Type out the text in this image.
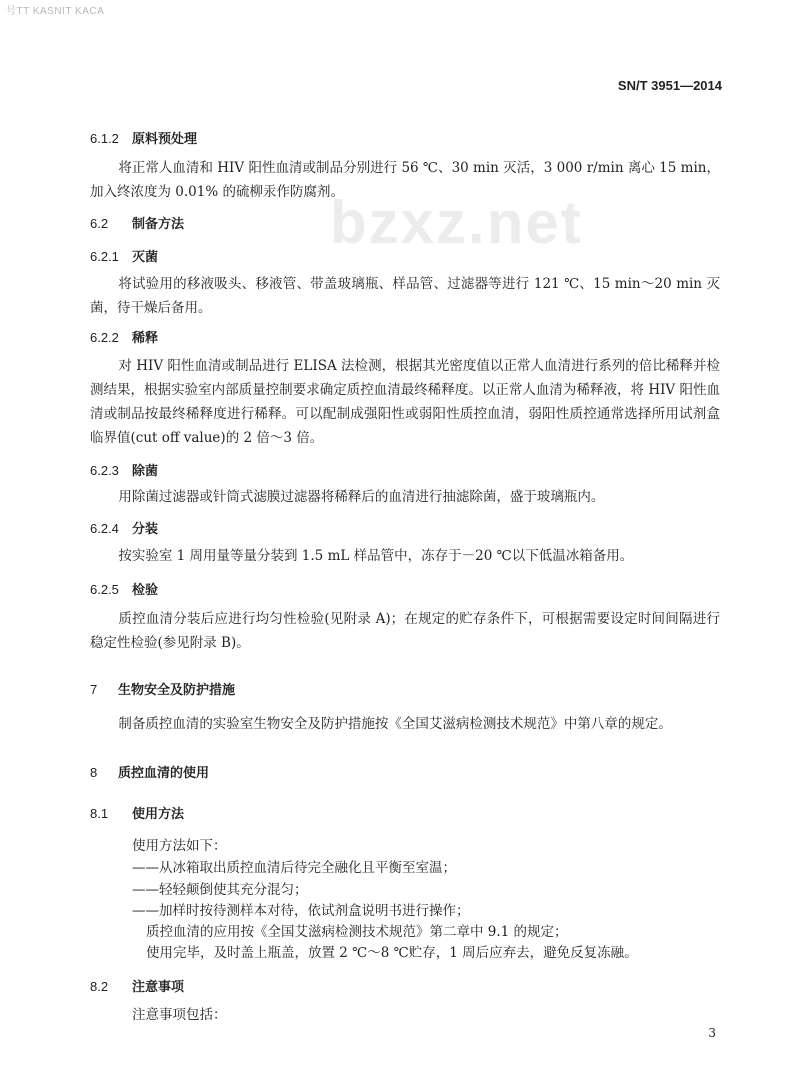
号TT KASNIT KACA
SN/T 3951—2014
bzxz.net
6.1.2 原料预处理

将正常人血清和 HIV 阳性血清或制品分别进行 56 ℃、30 min 灭活，3 000 r/min 离心 15 min，加入终浓度为 0.01% 的硫柳汞作防腐剂。

6.2 制备方法
6.2.1 灭菌

将试验用的移液吸头、移液管、带盖玻璃瓶、样品管、过滤器等进行 121 ℃、15 min～20 min 灭菌，待干燥后备用。

6.2.2 稀释

对 HIV 阳性血清或制品进行 ELISA 法检测，根据其光密度值以正常人血清进行系列的倍比稀释并检测结果，根据实验室内部质量控制要求确定质控血清最终稀释度。以正常人血清为稀释液，将 HIV 阳性血清或制品按最终稀释度进行稀释。可以配制成强阳性或弱阳性质控血清，弱阳性质控通常选择所用试剂盒临界值(cut off value)的 2 倍～3 倍。

6.2.3 除菌

用除菌过滤器或针筒式滤膜过滤器将稀释后的血清进行抽滤除菌，盛于玻璃瓶内。

6.2.4 分装

按实验室 1 周用量等量分装到 1.5 mL 样品管中，冻存于－20 ℃以下低温冰箱备用。

6.2.5 检验

质控血清分装后应进行均匀性检验(见附录 A)；在规定的贮存条件下，可根据需要设定时间间隔进行稳定性检验(参见附录 B)。

7 生物安全及防护措施

制备质控血清的实验室生物安全及防护措施按《全国艾滋病检测技术规范》中第八章的规定。

8 质控血清的使用
8.1 使用方法
使用方法如下：
——从冰箱取出质控血清后待完全融化且平衡至室温；
——轻轻颠倒使其充分混匀；
——加样时按待测样本对待，依试剂盒说明书进行操作；
质控血清的应用按《全国艾滋病检测技术规范》第二章中 9.1 的规定；
使用完毕，及时盖上瓶盖，放置 2 ℃～8 ℃贮存，1 周后应弃去，避免反复冻融。
8.2 注意事项
注意事项包括：
3
